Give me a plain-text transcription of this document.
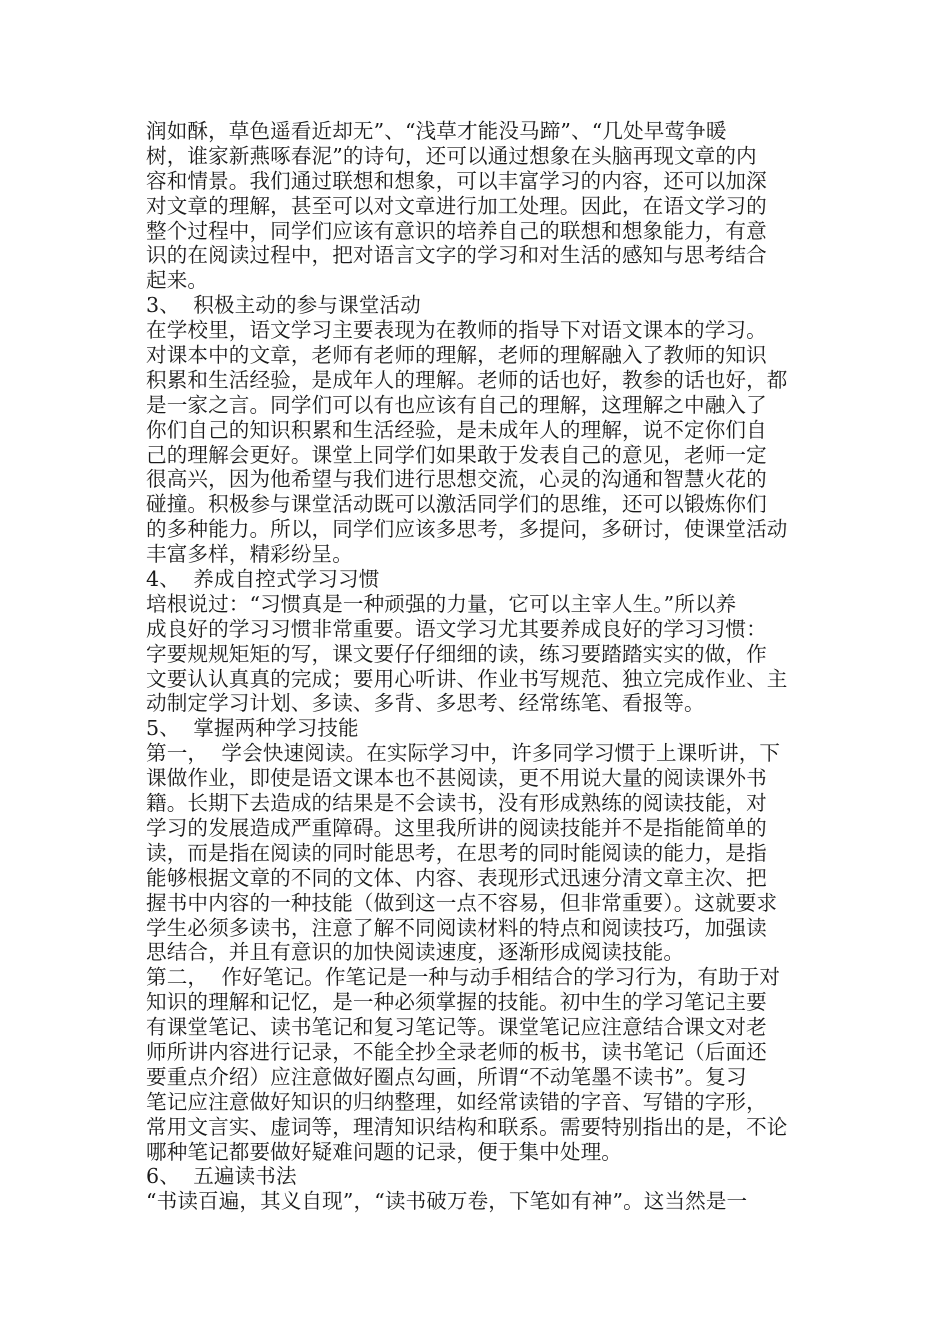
润如酥，草色遥看近却无”、“浅草才能没马蹄”、“几处早莺争暖
树，谁家新燕啄春泥”的诗句，还可以通过想象在头脑再现文章的内
容和情景。我们通过联想和想象，可以丰富学习的内容，还可以加深
对文章的理解，甚至可以对文章进行加工处理。因此，在语文学习的
整个过程中，同学们应该有意识的培养自己的联想和想象能力，有意
识的在阅读过程中，把对语言文字的学习和对生活的感知与思考结合
起来。
3、  积极主动的参与课堂活动
在学校里，语文学习主要表现为在教师的指导下对语文课本的学习。
对课本中的文章，老师有老师的理解，老师的理解融入了教师的知识
积累和生活经验，是成年人的理解。老师的话也好，教参的话也好，都
是一家之言。同学们可以有也应该有自己的理解，这理解之中融入了
你们自己的知识积累和生活经验，是未成年人的理解，说不定你们自
己的理解会更好。课堂上同学们如果敢于发表自己的意见，老师一定
很高兴，因为他希望与我们进行思想交流，心灵的沟通和智慧火花的
碰撞。积极参与课堂活动既可以激活同学们的思维，还可以锻炼你们
的多种能力。所以，同学们应该多思考，多提问，多研讨，使课堂活动
丰富多样，精彩纷呈。
4、  养成自控式学习习惯
培根说过：“习惯真是一种顽强的力量，它可以主宰人生。”所以养
成良好的学习习惯非常重要。语文学习尤其要养成良好的学习习惯：
字要规规矩矩的写，课文要仔仔细细的读，练习要踏踏实实的做，作
文要认认真真的完成；要用心听讲、作业书写规范、独立完成作业、主
动制定学习计划、多读、多背、多思考、经常练笔、看报等。
5、  掌握两种学习技能
第一，  学会快速阅读。在实际学习中，许多同学习惯于上课听讲，下
课做作业，即使是语文课本也不甚阅读，更不用说大量的阅读课外书
籍。长期下去造成的结果是不会读书，没有形成熟练的阅读技能，对
学习的发展造成严重障碍。这里我所讲的阅读技能并不是指能简单的
读，而是指在阅读的同时能思考，在思考的同时能阅读的能力，是指
能够根据文章的不同的文体、内容、表现形式迅速分清文章主次、把
握书中内容的一种技能（做到这一点不容易，但非常重要）。这就要求
学生必须多读书，注意了解不同阅读材料的特点和阅读技巧，加强读
思结合，并且有意识的加快阅读速度，逐渐形成阅读技能。
第二，  作好笔记。作笔记是一种与动手相结合的学习行为，有助于对
知识的理解和记忆，是一种必须掌握的技能。初中生的学习笔记主要
有课堂笔记、读书笔记和复习笔记等。课堂笔记应注意结合课文对老
师所讲内容进行记录，不能全抄全录老师的板书，读书笔记（后面还
要重点介绍）应注意做好圈点勾画，所谓“不动笔墨不读书”。复习
笔记应注意做好知识的归纳整理，如经常读错的字音、写错的字形，
常用文言实、虚词等，理清知识结构和联系。需要特别指出的是，不论
哪种笔记都要做好疑难问题的记录，便于集中处理。
6、  五遍读书法
“书读百遍，其义自现”，“读书破万卷，下笔如有神”。这当然是一
